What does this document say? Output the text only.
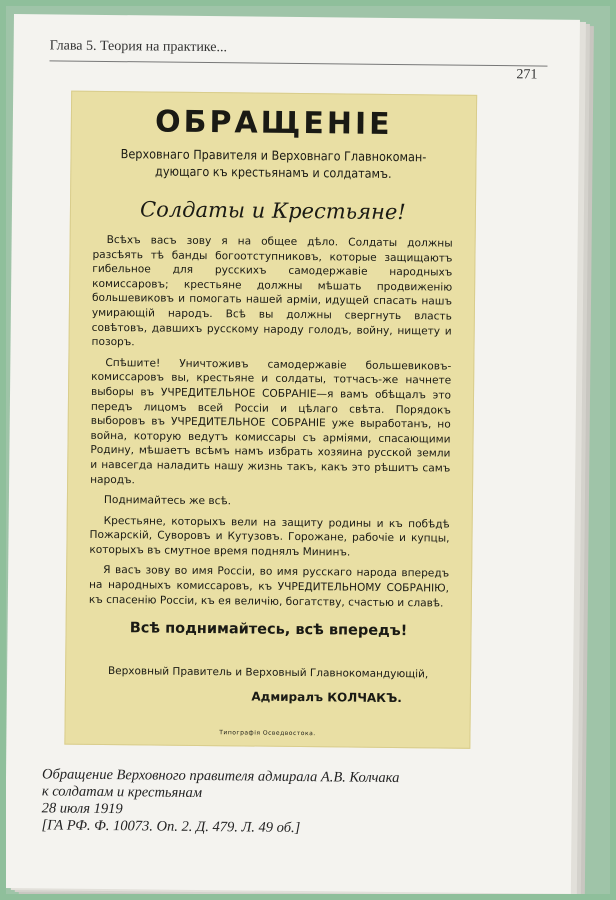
Глава 5. Теория на практике...
271
ОБРАЩЕНІЕ
Верховнаго Правителя и Верховнаго Главнокоман-
дующаго къ крестьянамъ и солдатамъ.
Солдаты и Крестьяне!

Всѣхъ васъ зову я на общее дѣло. Солдаты должны разсѣять тѣ банды богоотступниковъ, которые защищаютъ гибельное для русскихъ самодержавіе народныхъ комиссаровъ; крестьяне должны мѣшать продвиженію большевиковъ и помогать нашей арміи, идущей спасать нашъ умирающій народъ. Всѣ вы должны свергнуть власть совѣтовъ, давшихъ русскому народу голодъ, войну, нищету и позоръ.

Спѣшите! Уничтоживъ самодержавіе большевиковъ-комиссаровъ вы, крестьяне и солдаты, тотчасъ-же начнете выборы въ УЧРЕДИТЕЛЬНОЕ СОБРАНІЕ—я вамъ обѣщалъ это передъ лицомъ всей Россіи и цѣлаго свѣта. Порядокъ выборовъ въ УЧРЕДИТЕЛЬНОЕ СОБРАНІЕ уже выработанъ, но война, которую ведутъ комиссары съ арміями, спасающими Родину, мѣшаетъ всѣмъ намъ избрать хозяина русской земли и навсегда наладить нашу жизнь такъ, какъ это рѣшитъ самъ народъ.

Поднимайтесь же всѣ.

Крестьяне, которыхъ вели на защиту родины и къ побѣдѣ Пожарскій, Суворовъ и Кутузовъ. Горожане, рабочіе и купцы, которыхъ въ смутное время поднялъ Мининъ.

Я васъ зову во имя Россіи, во имя русскаго народа впередъ на народныхъ комиссаровъ, къ УЧРЕДИТЕЛЬНОМУ СОБРАНІЮ, къ спасенію Россіи, къ ея величію, богатству, счастью и славѣ.

Всѣ поднимайтесь, всѣ впередъ!
Верховный Правитель и Верховный Главнокомандующій,
Адмиралъ КОЛЧАКЪ.
Типографія Осведвостока.
Обращение Верховного правителя адмирала А.В. Колчака
к солдатам и крестьянам
28 июля 1919
[ГА РФ. Ф. 10073. Оп. 2. Д. 479. Л. 49 об.]
